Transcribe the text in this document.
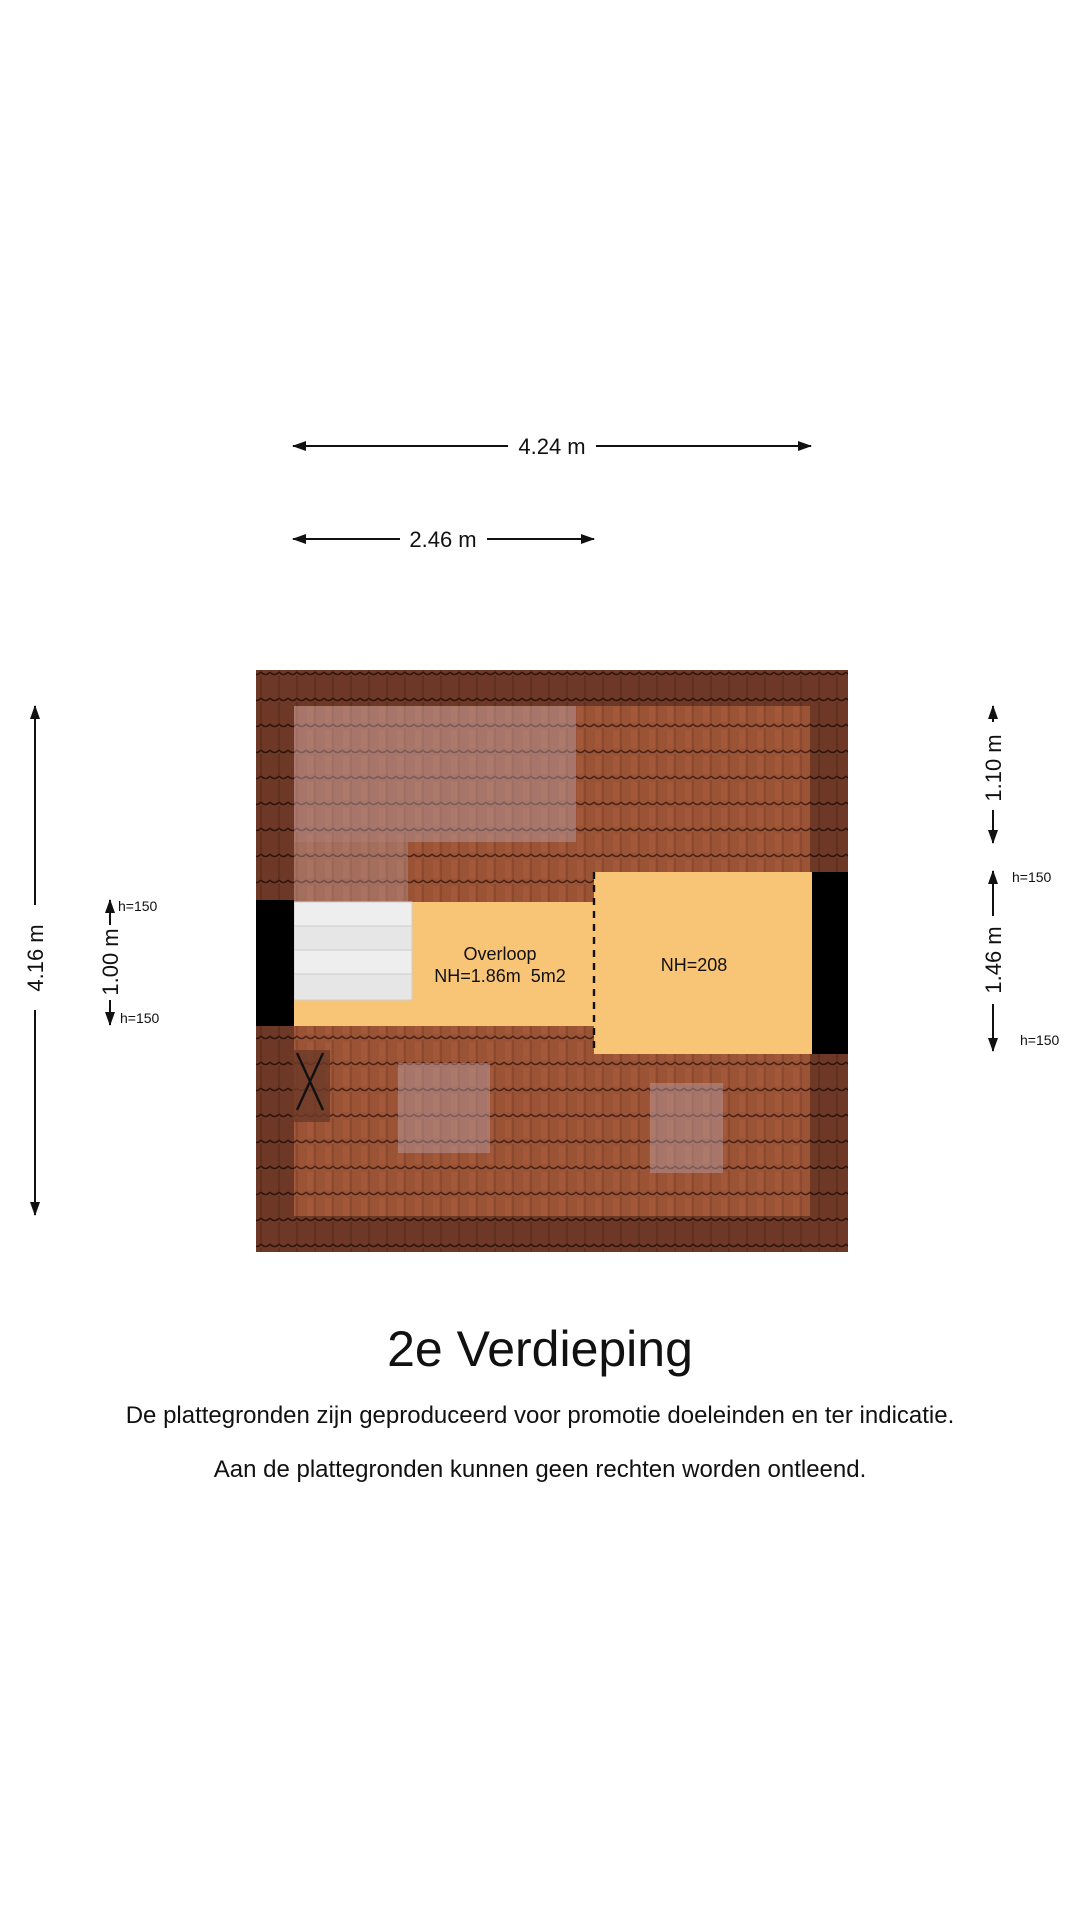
4.24 m
2.46 m
4.16 m 1.00 m
h=150
h=150
1.10 m
1.46 m
h=150
h=150
Overloop
NH=1.86m  5m2
NH=208
2e Verdieping
De plattegronden zijn geproduceerd voor promotie doeleinden en ter indicatie.
Aan de plattegronden kunnen geen rechten worden ontleend.
